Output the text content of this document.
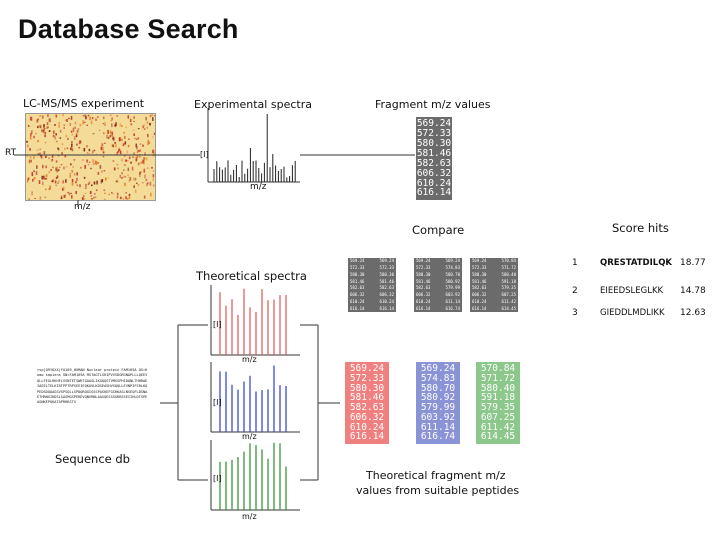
Database Search
LC-MS/MS experiment	Experimental spectra	Fragment m/z values
RT
m/z
[I]
m/z
569.24
572.33
580.30
581.46
582.63
606.32
610.24
616.14
Compare	Score hits
569.24	569.24
572.33	572.33
580.30	580.30
581.46	581.46
582.63	582.63
606.32	606.32
610.24	610.24
616.14	616.14
569.24	569.24
572.33	574.83
580.30	580.70
581.46	580.92
582.63	579.99
606.32	603.92
610.24	611.14
616.14	616.74
569.24	570.84
572.33	571.72
580.30	580.40
581.46	591.18
582.63	579.35
606.32	607.25
610.24	611.42
616.14	614.45
1	QRESTATDILQK 18.77
2	EIEEDSLEGLKK	14.78
3	GIEDDLMDLIKK	12.63
Theoretical spectra
[I]
m/z
[I]
m/z
[I]
m/z
>sp|Q9Y6X4|FA169_HUMAN Nuclear protein FAM169A OS=Homo sapiens GN=FAM169A MSTAGTLSRIPVVSDGRGNAPLLLQEEVQLLFEGLRKHFLVSNTETSWKTGAASLIKGQQSTVMSVPHIDQNLTHHRAEIAEELTELKIRTPPTRPSEEIEQKAVLKDSEASHVSQQLLEVNPIFSRLKQPEDSDQAAGSVSPSQLLSPDQRQGIGSSPASKEFGSRKASLNSEQFLDSNAETHRNGIKDSLSASMGSPEREVQNVRNLAASQESSSGRRSSEIIHLDTSPEAGNKEPQKATAPRRRSTS
Sequence db
569.24
572.33
580.30
581.46
582.63
606.32
610.24
616.14
569.24
574.83
580.70
580.92
579.99
603.92
611.14
616.74
570.84
571.72
580.40
591.18
579.35
607.25
611.42
614.45
Theoretical fragment m/z
values from suitable peptides
